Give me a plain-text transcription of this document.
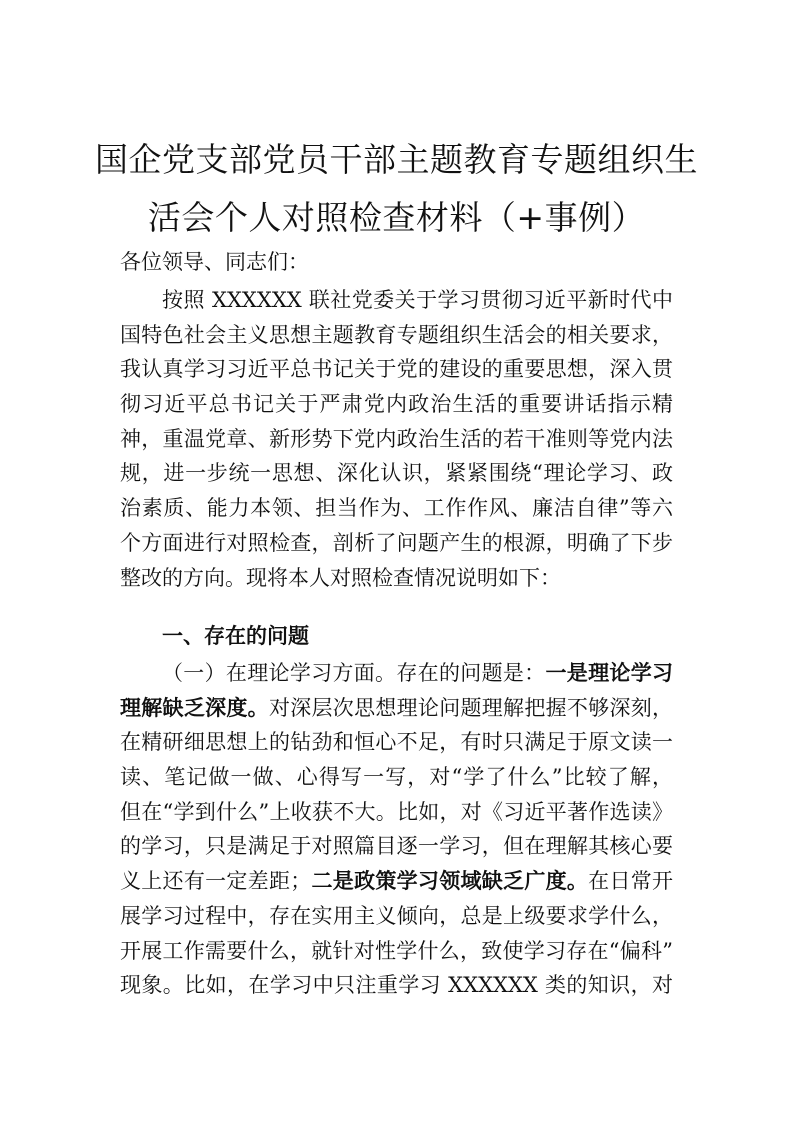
国企党支部党员干部主题教育专题组织生
活会个人对照检查材料（+事例）
各位领导、同志们：
按照 XXXXXX 联社党委关于学习贯彻习近平新时代中
国特色社会主义思想主题教育专题组织生活会的相关要求，
我认真学习习近平总书记关于党的建设的重要思想，深入贯
彻习近平总书记关于严肃党内政治生活的重要讲话指示精
神，重温党章、新形势下党内政治生活的若干准则等党内法
规，进一步统一思想、深化认识，紧紧围绕“理论学习、政
治素质、能力本领、担当作为、工作作风、廉洁自律”等六
个方面进行对照检查，剖析了问题产生的根源，明确了下步
整改的方向。现将本人对照检查情况说明如下：
一、存在的问题
（一）在理论学习方面。存在的问题是：一是理论学习
理解缺乏深度。对深层次思想理论问题理解把握不够深刻，
在精研细思想上的钻劲和恒心不足，有时只满足于原文读一
读、笔记做一做、心得写一写，对“学了什么”比较了解，
但在“学到什么”上收获不大。比如，对《习近平著作选读》
的学习，只是满足于对照篇目逐一学习，但在理解其核心要
义上还有一定差距；二是政策学习领域缺乏广度。在日常开
展学习过程中，存在实用主义倾向，总是上级要求学什么，
开展工作需要什么，就针对性学什么，致使学习存在“偏科”
现象。比如，在学习中只注重学习 XXXXXX 类的知识，对
